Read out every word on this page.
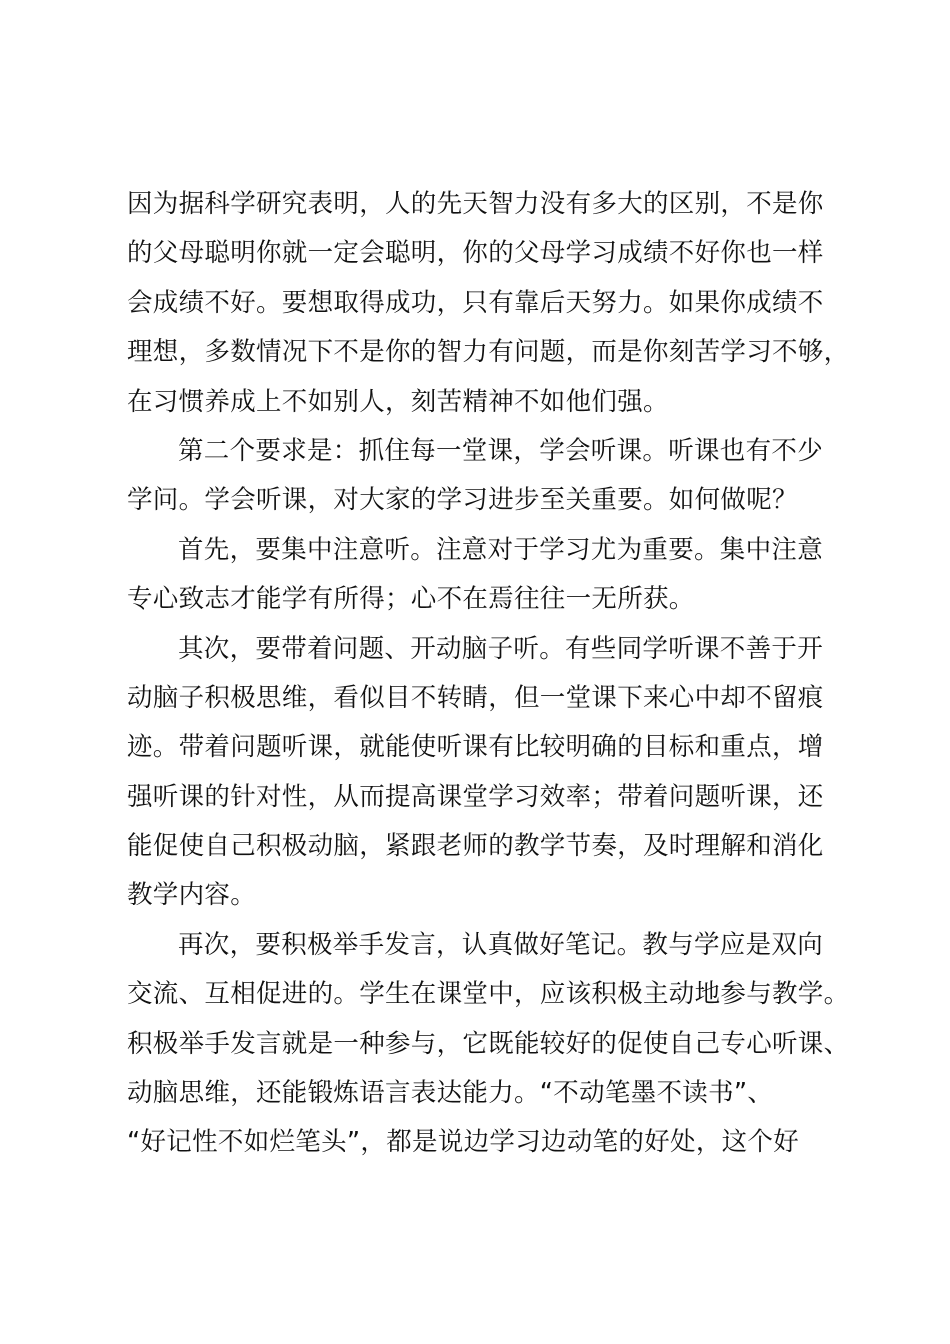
因为据科学研究表明，人的先天智力没有多大的区别，不是你
的父母聪明你就一定会聪明，你的父母学习成绩不好你也一样
会成绩不好。要想取得成功，只有靠后天努力。如果你成绩不
理想，多数情况下不是你的智力有问题，而是你刻苦学习不够，
在习惯养成上不如别人，刻苦精神不如他们强。
第二个要求是：抓住每一堂课，学会听课。听课也有不少
学问。学会听课，对大家的学习进步至关重要。如何做呢？
首先，要集中注意听。注意对于学习尤为重要。集中注意
专心致志才能学有所得；心不在焉往往一无所获。
其次，要带着问题、开动脑子听。有些同学听课不善于开
动脑子积极思维，看似目不转睛，但一堂课下来心中却不留痕
迹。带着问题听课，就能使听课有比较明确的目标和重点，增
强听课的针对性，从而提高课堂学习效率；带着问题听课，还
能促使自己积极动脑，紧跟老师的教学节奏，及时理解和消化
教学内容。
再次，要积极举手发言，认真做好笔记。教与学应是双向
交流、互相促进的。学生在课堂中，应该积极主动地参与教学。
积极举手发言就是一种参与，它既能较好的促使自己专心听课、
动脑思维，还能锻炼语言表达能力。“不动笔墨不读书”、
“好记性不如烂笔头”，都是说边学习边动笔的好处，这个好
